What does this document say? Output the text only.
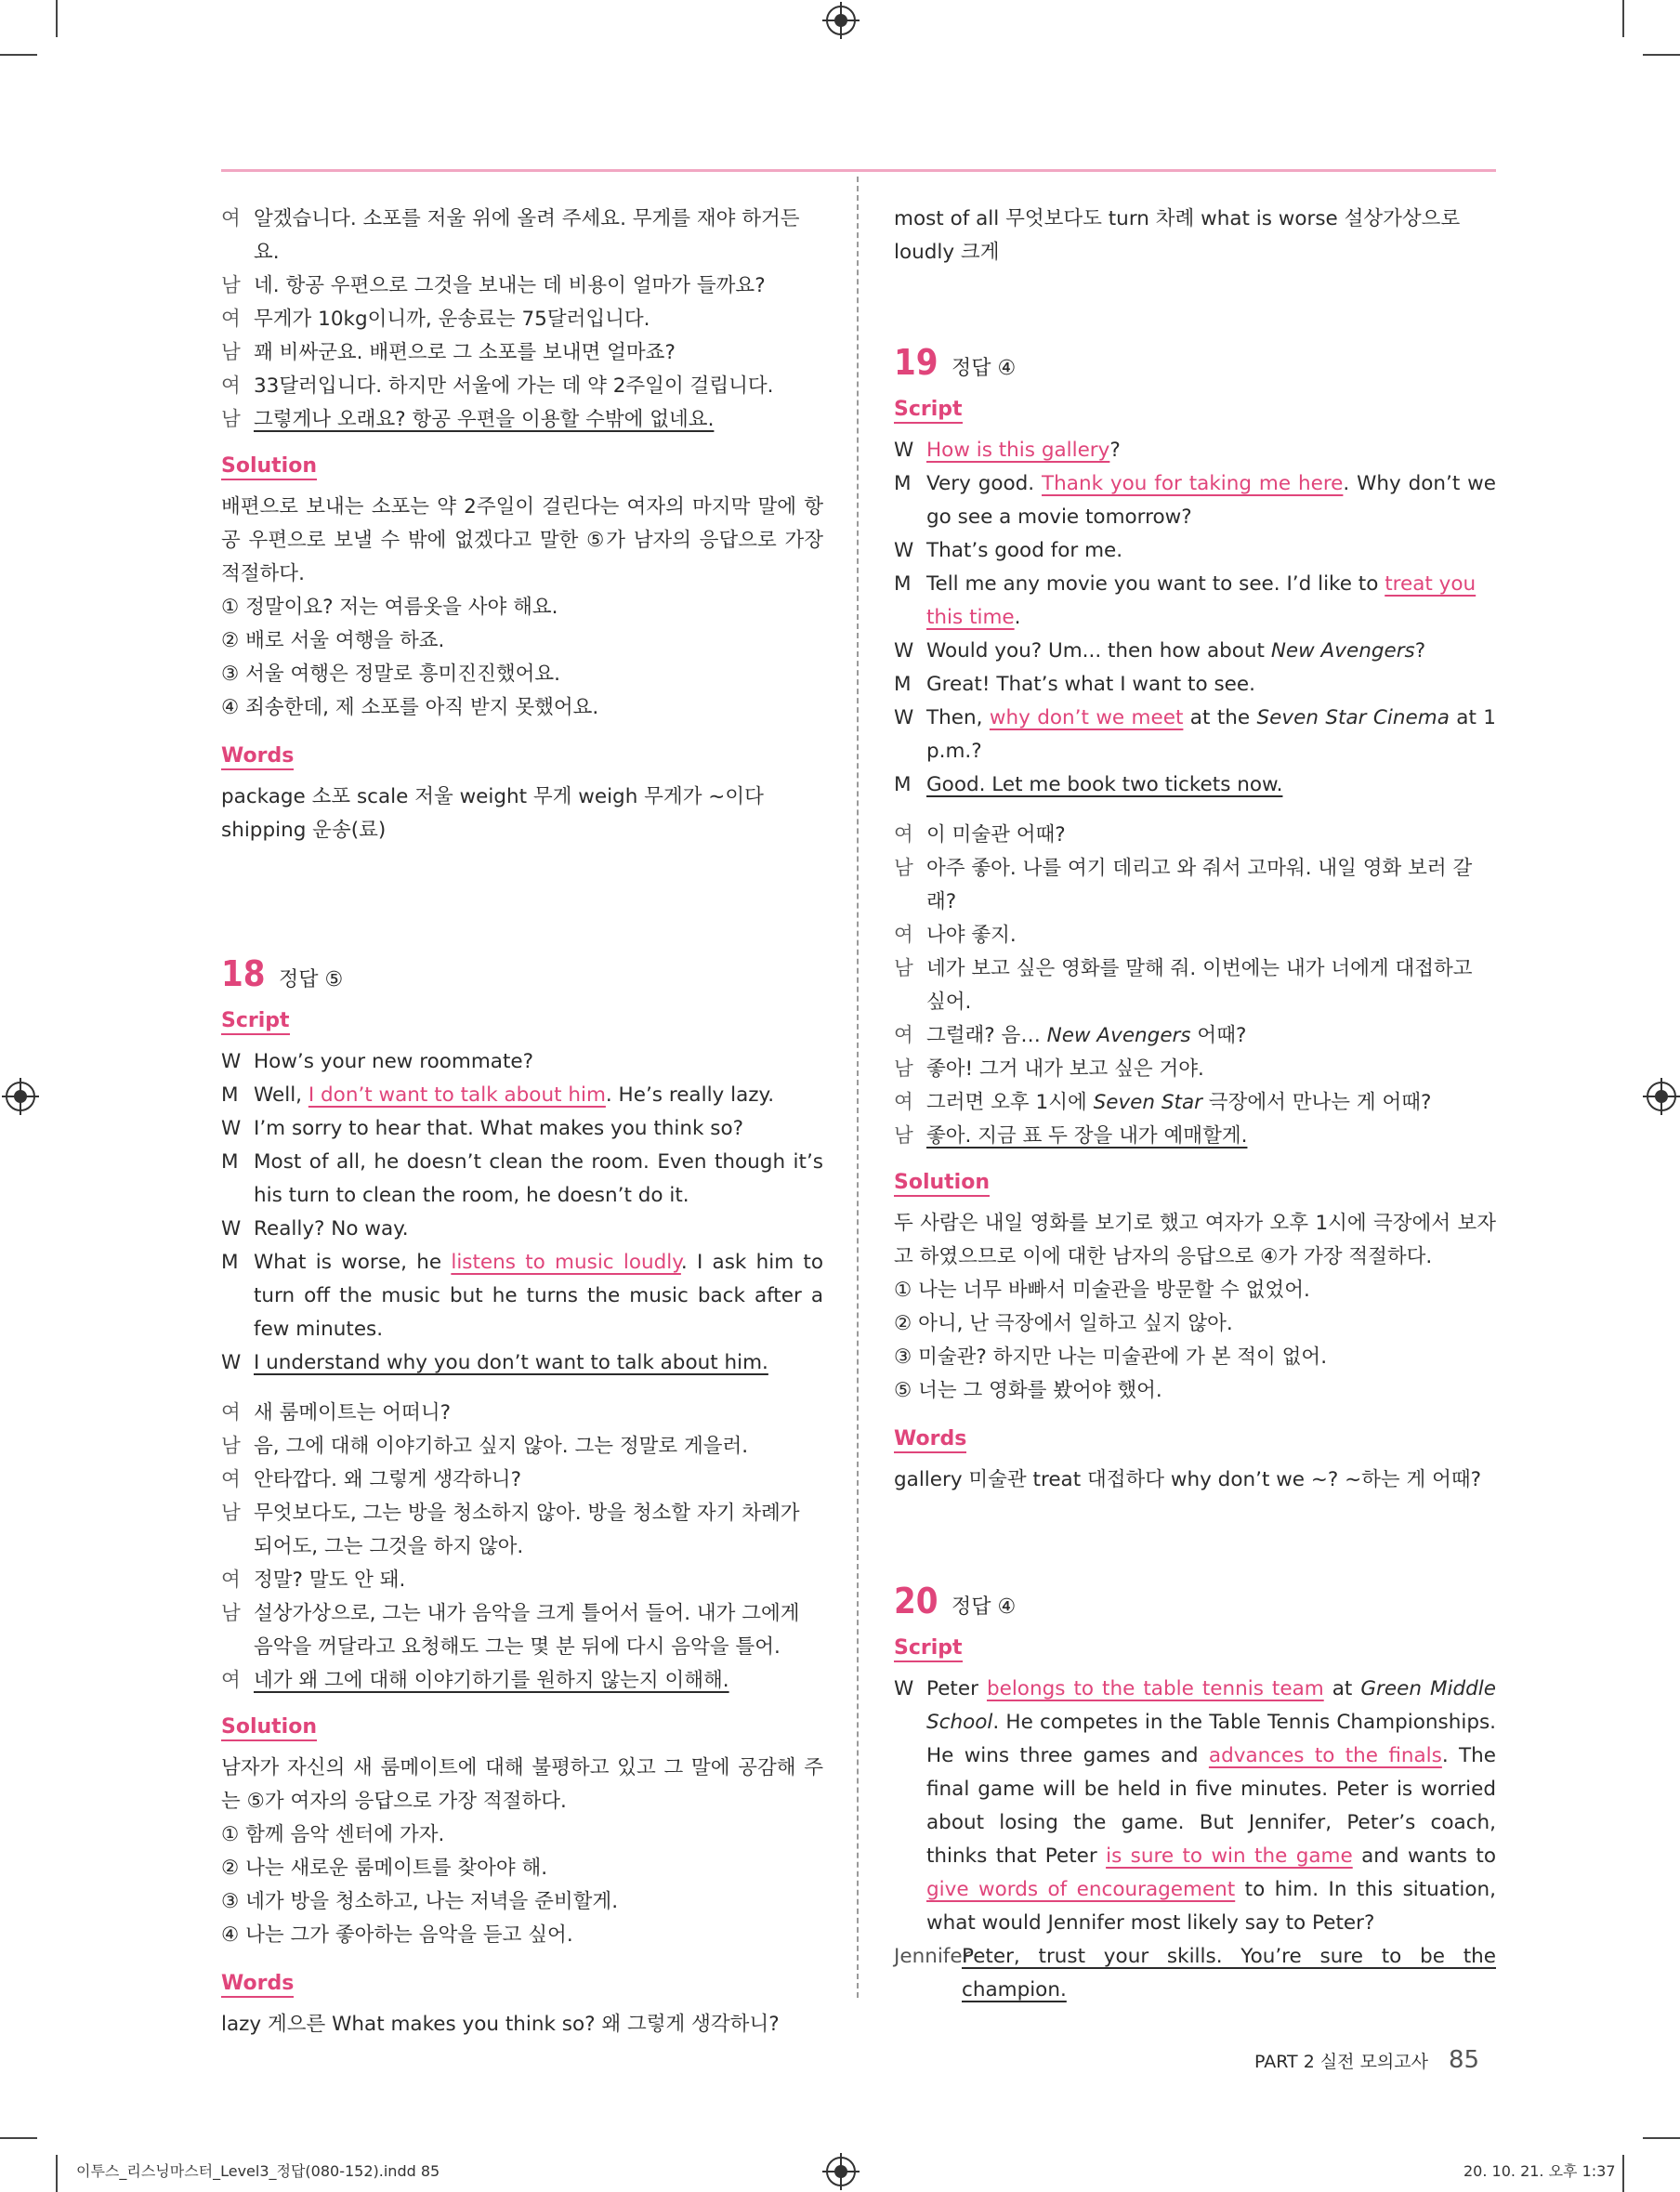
여 알겠습니다. 소포를 저울 위에 올려 주세요. 무게를 재야 하거든요.
남 네. 항공 우편으로 그것을 보내는 데 비용이 얼마가 들까요?
여 무게가 10kg이니까, 운송료는 75달러입니다.
남 꽤 비싸군요. 배편으로 그 소포를 보내면 얼마죠?
여 33달러입니다. 하지만 서울에 가는 데 약 2주일이 걸립니다.
남 그렇게나 오래요? 항공 우편을 이용할 수밖에 없네요.
Solution
배편으로 보내는 소포는 약 2주일이 걸린다는 여자의 마지막 말에 항공 우편으로 보낼 수 밖에 없겠다고 말한 ⑤가 남자의 응답으로 가장 적절하다.
① 정말이요? 저는 여름옷을 사야 해요.
② 배로 서울 여행을 하죠.
③ 서울 여행은 정말로 흥미진진했어요.
④ 죄송한데, 제 소포를 아직 받지 못했어요.
Words
package 소포 scale 저울 weight 무게 weigh 무게가 ~이다
shipping 운송(료)
18 정답 ⑤
Script
W How’s your new roommate?
M Well, I don’t want to talk about him. He’s really lazy.
W I’m sorry to hear that. What makes you think so?
M Most of all, he doesn’t clean the room. Even though it’s his turn to clean the room, he doesn’t do it.
W Really? No way.
M What is worse, he listens to music loudly. I ask him to turn off the music but he turns the music back after a few minutes.
W I understand why you don’t want to talk about him.
여 새 룸메이트는 어떠니?
남 음, 그에 대해 이야기하고 싶지 않아. 그는 정말로 게을러.
여 안타깝다. 왜 그렇게 생각하니?
남 무엇보다도, 그는 방을 청소하지 않아. 방을 청소할 자기 차례가 되어도, 그는 그것을 하지 않아.
여 정말? 말도 안 돼.
남 설상가상으로, 그는 내가 음악을 크게 틀어서 들어. 내가 그에게 음악을 꺼달라고 요청해도 그는 몇 분 뒤에 다시 음악을 틀어.
여 네가 왜 그에 대해 이야기하기를 원하지 않는지 이해해.
Solution
남자가 자신의 새 룸메이트에 대해 불평하고 있고 그 말에 공감해 주는 ⑤가 여자의 응답으로 가장 적절하다.
① 함께 음악 센터에 가자.
② 나는 새로운 룸메이트를 찾아야 해.
③ 네가 방을 청소하고, 나는 저녁을 준비할게.
④ 나는 그가 좋아하는 음악을 듣고 싶어.
Words
lazy 게으른 What makes you think so? 왜 그렇게 생각하니?
most of all 무엇보다도 turn 차례 what is worse 설상가상으로
loudly 크게
19 정답 ④
Script
W How is this gallery?
M Very good. Thank you for taking me here. Why don’t we go see a movie tomorrow?
W That’s good for me.
M Tell me any movie you want to see. I’d like to treat you this time.
W Would you? Um... then how about New Avengers?
M Great! That’s what I want to see.
W Then, why don’t we meet at the Seven Star Cinema at 1 p.m.?
M Good. Let me book two tickets now.
여 이 미술관 어때?
남 아주 좋아. 나를 여기 데리고 와 줘서 고마워. 내일 영화 보러 갈래?
여 나야 좋지.
남 네가 보고 싶은 영화를 말해 줘. 이번에는 내가 너에게 대접하고 싶어.
여 그럴래? 음… New Avengers 어때?
남 좋아! 그거 내가 보고 싶은 거야.
여 그러면 오후 1시에 Seven Star 극장에서 만나는 게 어때?
남 좋아. 지금 표 두 장을 내가 예매할게.
Solution
두 사람은 내일 영화를 보기로 했고 여자가 오후 1시에 극장에서 보자고 하였으므로 이에 대한 남자의 응답으로 ④가 가장 적절하다.
① 나는 너무 바빠서 미술관을 방문할 수 없었어.
② 아니, 난 극장에서 일하고 싶지 않아.
③ 미술관? 하지만 나는 미술관에 가 본 적이 없어.
⑤ 너는 그 영화를 봤어야 했어.
Words
gallery 미술관 treat 대접하다 why don’t we ~? ~하는 게 어때?
20 정답 ④
Script
W Peter belongs to the table tennis team at Green Middle School. He competes in the Table Tennis Championships. He wins three games and advances to the finals. The final game will be held in five minutes. Peter is worried about losing the game. But Jennifer, Peter’s coach, thinks that Peter is sure to win the game and wants to give words of encouragement to him. In this situation, what would Jennifer most likely say to Peter?
Jennifer
Peter, trust your skills. You’re sure to be the champion.
PART 2 실전 모의고사 85
이투스_리스닝마스터_Level3_정답(080-152).indd 85	20. 10. 21. 오후 1:37
